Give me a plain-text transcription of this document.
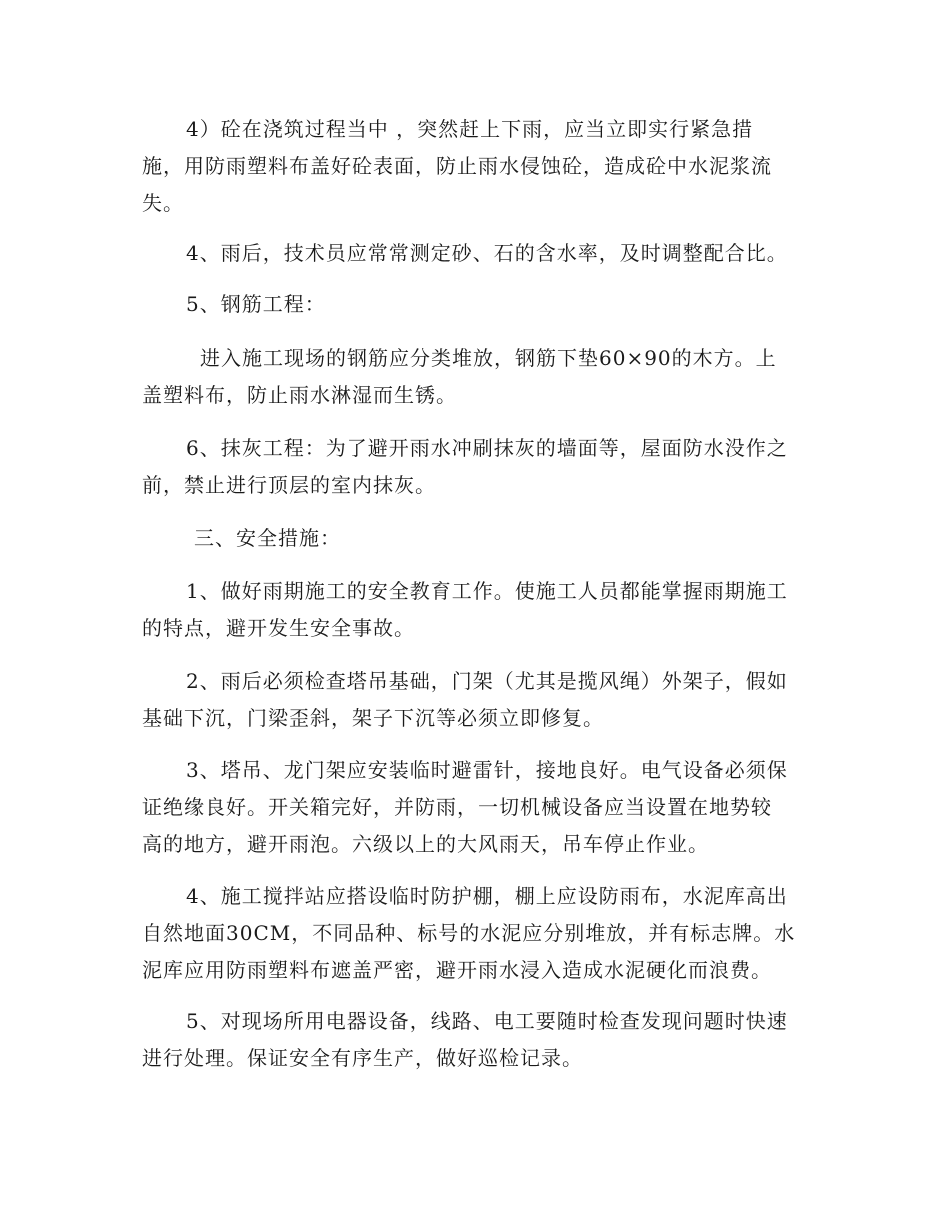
4）砼在浇筑过程当中 ，突然赶上下雨，应当立即实行紧急措
施，用防雨塑料布盖好砼表面，防止雨水侵蚀砼，造成砼中水泥浆流
失。

4、雨后，技术员应常常测定砂、石的含水率，及时调整配合比。

5、钢筋工程：

进入施工现场的钢筋应分类堆放，钢筋下垫60×90的木方。上
盖塑料布，防止雨水淋湿而生锈。

6、抹灰工程：为了避开雨水冲刷抹灰的墙面等，屋面防水没作之
前，禁止进行顶层的室内抹灰。

三、安全措施：

1、做好雨期施工的安全教育工作。使施工人员都能掌握雨期施工
的特点，避开发生安全事故。

2、雨后必须检查塔吊基础，门架（尤其是揽风绳）外架子，假如
基础下沉，门梁歪斜，架子下沉等必须立即修复。

3、塔吊、龙门架应安装临时避雷针，接地良好。电气设备必须保
证绝缘良好。开关箱完好，并防雨，一切机械设备应当设置在地势较
高的地方，避开雨泡。六级以上的大风雨天，吊车停止作业。

4、施工搅拌站应搭设临时防护棚，棚上应设防雨布，水泥库高出
自然地面30CM，不同品种、标号的水泥应分别堆放，并有标志牌。水
泥库应用防雨塑料布遮盖严密，避开雨水浸入造成水泥硬化而浪费。

5、对现场所用电器设备，线路、电工要随时检查发现问题时快速
进行处理。保证安全有序生产，做好巡检记录。
